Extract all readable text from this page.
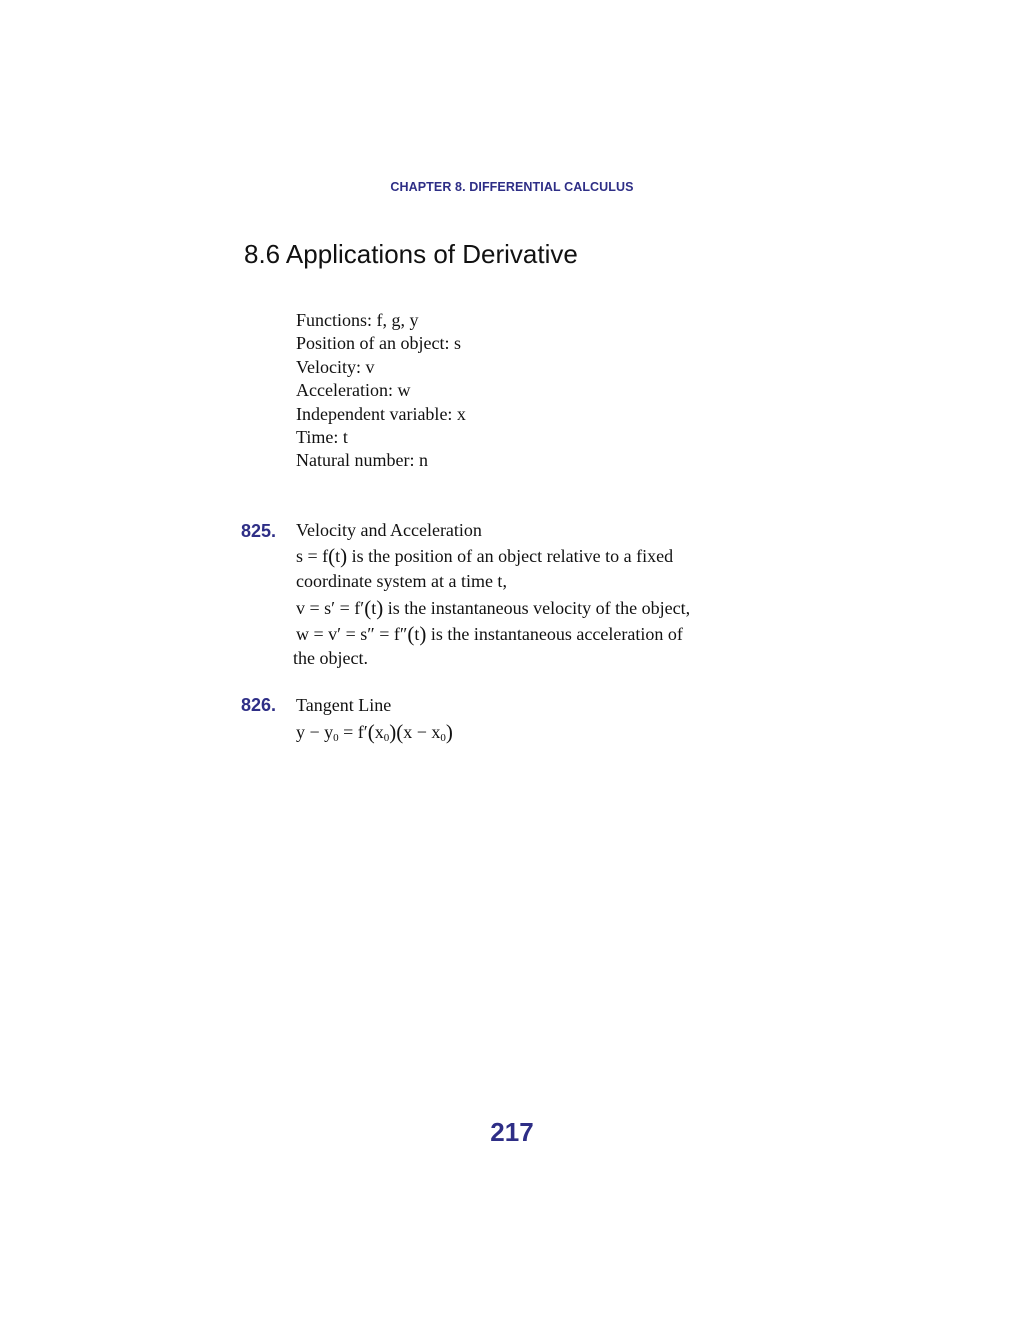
CHAPTER 8. DIFFERENTIAL CALCULUS
8.6 Applications of Derivative
Functions: f, g, y
Position of an object: s
Velocity: v
Acceleration: w
Independent variable: x
Time: t
Natural number: n
825. Velocity and Acceleration
s = f(t) is the position of an object relative to a fixed
coordinate system at a time t,
v = s′ = f′(t) is the instantaneous velocity of the object,
w = v′ = s″ = f″(t) is the instantaneous acceleration of
the object.
826. Tangent Line
$y - y_0 = f'(x_0)(x - x_0)$
217
